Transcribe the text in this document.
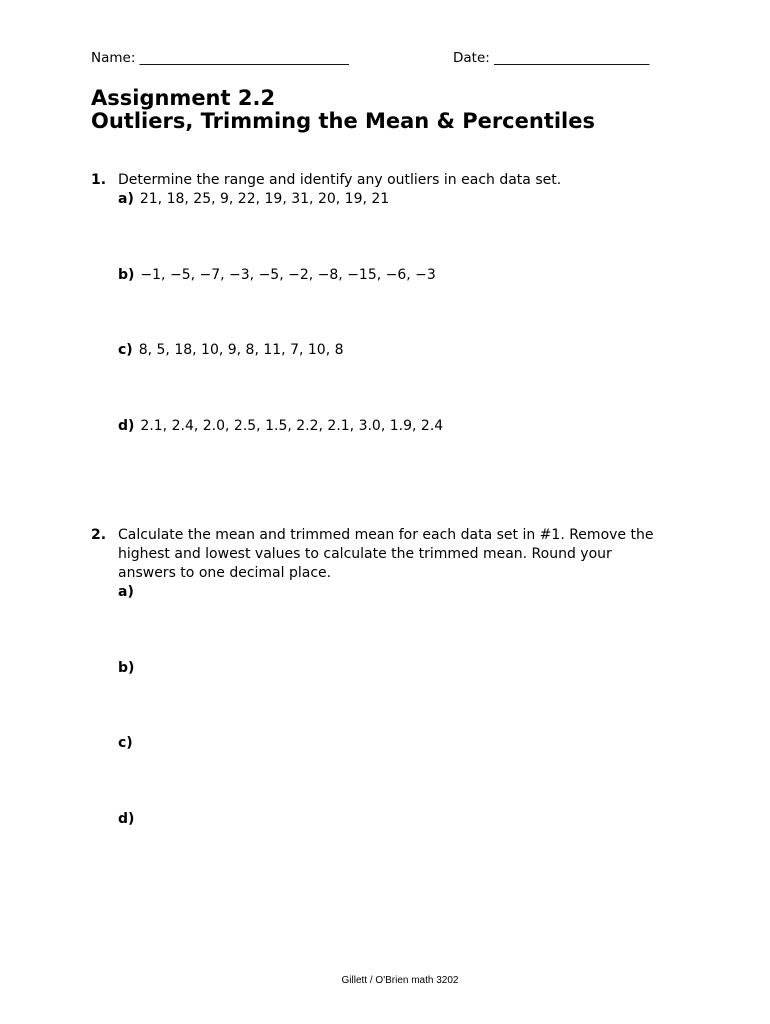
Name: _______________________________	Date: _______________________
Assignment 2.2
Outliers, Trimming the Mean & Percentiles
1. Determine the range and identify any outliers in each data set.
a) 21, 18, 25, 9, 22, 19, 31, 20, 19, 21
b) −1, −5, −7, −3, −5, −2, −8, −15, −6, −3
c) 8, 5, 18, 10, 9, 8, 11, 7, 10, 8
d) 2.1, 2.4, 2.0, 2.5, 1.5, 2.2, 2.1, 3.0, 1.9, 2.4
2. Calculate the mean and trimmed mean for each data set in #1. Remove the
highest and lowest values to calculate the trimmed mean. Round your
answers to one decimal place.
a)
b)
c)
d)
Gillett / O'Brien math 3202
